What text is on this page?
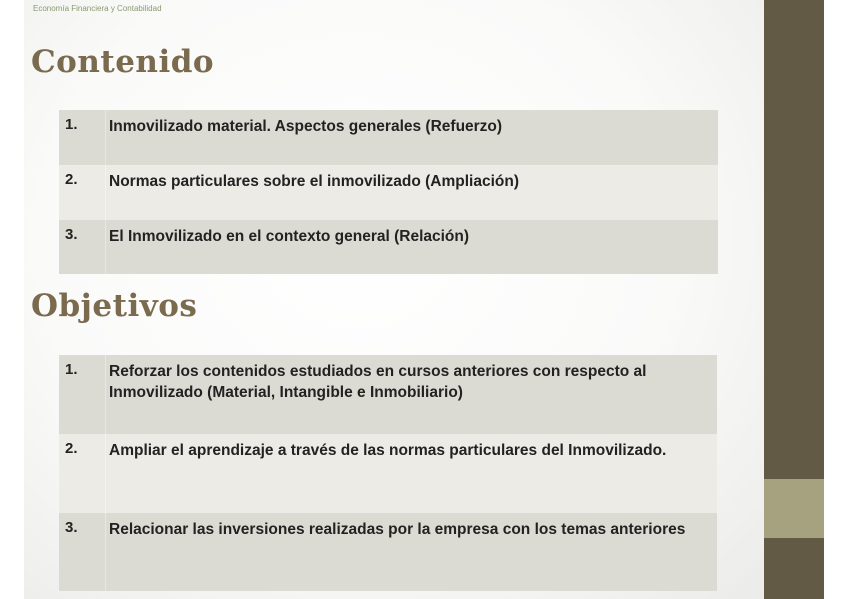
Economía Financiera y Contabilidad
Contenido
1. Inmovilizado material. Aspectos generales (Refuerzo)
2. Normas particulares sobre el inmovilizado (Ampliación)
3. El Inmovilizado en el contexto general (Relación)
Objetivos
1. Reforzar los contenidos estudiados en cursos anteriores con respecto al Inmovilizado (Material, Intangible e Inmobiliario)
2. Ampliar el aprendizaje a través de las normas particulares del Inmovilizado.
3. Relacionar las inversiones realizadas por la empresa con los temas anteriores
